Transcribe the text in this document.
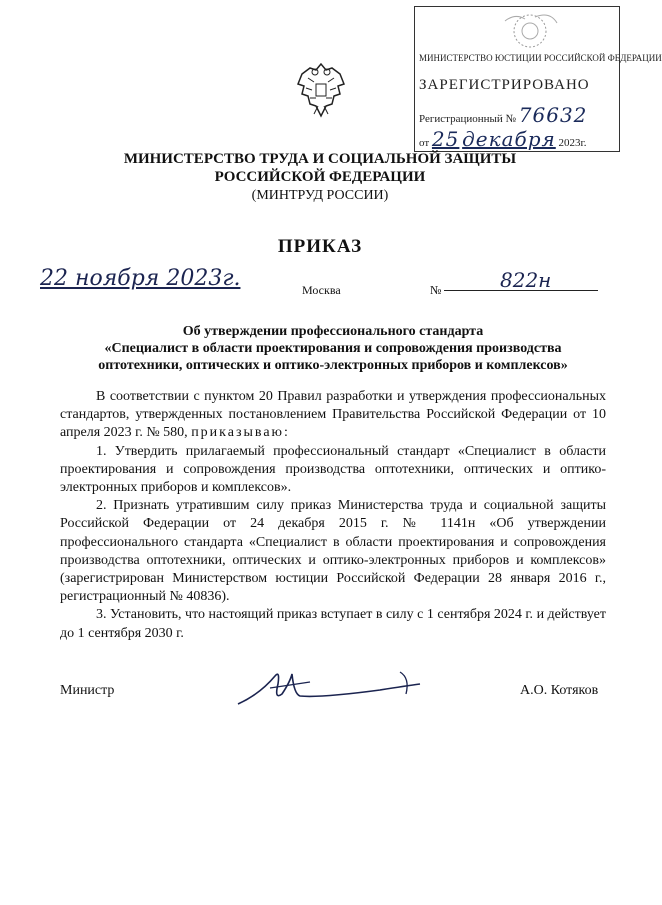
МИНИСТЕРСТВО ЮСТИЦИИ РОССИЙСКОЙ ФЕДЕРАЦИИ
ЗАРЕГИСТРИРОВАНО
Регистрационный № 76632
от 25 декабря 2023г.
МИНИСТЕРСТВО ТРУДА И СОЦИАЛЬНОЙ ЗАЩИТЫ
РОССИЙСКОЙ ФЕДЕРАЦИИ
(МИНТРУД РОССИИ)
ПРИКАЗ
22 ноября 2023г.	Москва	№	822н
Об утверждении профессионального стандарта
«Специалист в области проектирования и сопровождения производства
оптотехники, оптических и оптико-электронных приборов и комплексов»

В соответствии с пунктом 20 Правил разработки и утверждения профессиональных стандартов, утвержденных постановлением Правительства Российской Федерации от 10 апреля 2023 г. № 580, приказываю:

1. Утвердить прилагаемый профессиональный стандарт «Специалист в области проектирования и сопровождения производства оптотехники, оптических и оптико-электронных приборов и комплексов».

2. Признать утратившим силу приказ Министерства труда и социальной защиты Российской Федерации от 24 декабря 2015 г. № 1141н «Об утверждении профессионального стандарта «Специалист в области проектирования и сопровождения производства оптотехники, оптических и оптико-электронных приборов и комплексов» (зарегистрирован Министерством юстиции Российской Федерации 28 января 2016 г., регистрационный № 40836).

3. Установить, что настоящий приказ вступает в силу с 1 сентября 2024 г. и действует до 1 сентября 2030 г.

Министр	А.О. Котяков
